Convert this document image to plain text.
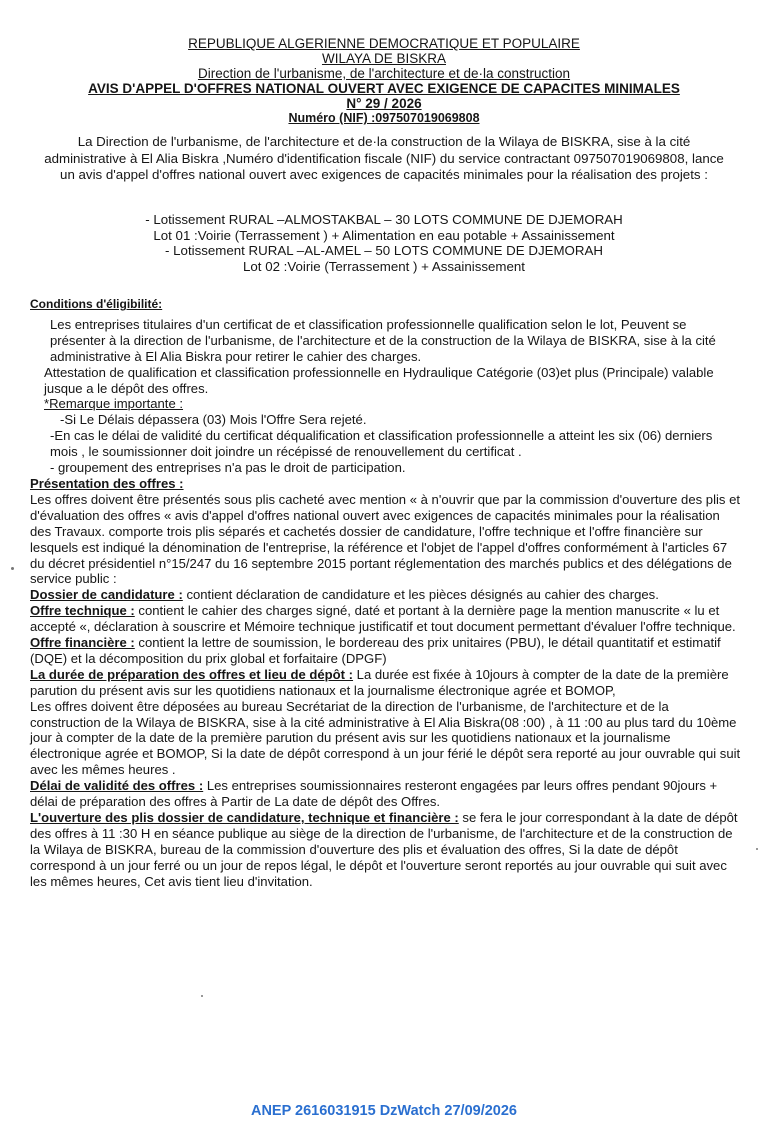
REPUBLIQUE ALGERIENNE DEMOCRATIQUE ET POPULAIRE
WILAYA DE BISKRA
Direction de l'urbanisme, de l'architecture et de·la construction
AVIS D'APPEL D'OFFRES NATIONAL OUVERT AVEC EXIGENCE DE CAPACITES MINIMALES
N° 29 / 2026
Numéro (NIF) :09750701906980​8

La Direction de l'urbanisme, de l'architecture et de·la construction de la Wilaya de BISKRA, sise à la cité administrative à El Alia Biskra ,Numéro d'identification fiscale (NIF) du service contractant 097507019069808, lance un avis d'appel d'offres national ouvert avec exigences de capacités minimales pour la réalisation des projets :

- Lotissement RURAL –ALMOSTAKBAL – 30 LOTS COMMUNE DE DJEMORAH
Lot 01 :Voirie (Terrassement ) + Alimentation en eau potable + Assainissement
- Lotissement RURAL –AL-AMEL – 50 LOTS COMMUNE DE DJEMORAH
Lot 02 :Voirie (Terrassement ) + Assainissement

Conditions d'éligibilité:

Les entreprises titulaires d'un certificat de et classification professionnelle qualification selon le lot, Peuvent se présenter à la direction de l'urbanisme, de l'architecture et de la construction de la Wilaya de BISKRA, sise à la cité administrative à El Alia Biskra pour retirer le cahier des charges.

Attestation de qualification et classification professionnelle en Hydraulique Catégorie (03)et plus (Principale) valable jusque a le dépôt des offres.

*Remarque importante :

-Si Le Délais dépassera (03) Mois l'Offre Sera rejeté.

-En cas le délai de validité du certificat déqualification et classification professionnelle a atteint les six (06) derniers mois , le soumissionner doit joindre un récépissé de renouvellement du certificat .

- groupement des entreprises n'a pas le droit de participation.

Présentation des offres :

Les offres doivent être présentés sous plis cacheté avec mention « à n'ouvrir que par la commission d'ouverture des plis et d'évaluation des offres « avis d'appel d'offres national ouvert avec exigences de capacités minimales pour la réalisation des Travaux. comporte trois plis séparés et cachetés dossier de candidature, l'offre technique et l'offre financière sur lesquels est indiqué la dénomination de l'entreprise, la référence et l'objet de l'appel d'offres conformément à l'articles 67 du décret présidentiel n°15/247 du 16 septembre 2015 portant réglementation des marchés publics et des délégations de service public :

Dossier de candidature : contient déclaration de candidature et les pièces désignés au cahier des charges.

Offre technique : contient le cahier des charges signé, daté et portant à la dernière page la mention manuscrite « lu et accepté «, déclaration à souscrire et Mémoire technique justificatif et tout document permettant d'évaluer l'offre technique.

Offre financière : contient la lettre de soumission, le bordereau des prix unitaires (PBU), le détail quantitatif et estimatif (DQE) et la décomposition du prix global et forfaitaire (DPGF)

La durée de préparation des offres et lieu de dépôt : La durée est fixée à 10jours à compter de la date de la première parution du présent avis sur les quotidiens nationaux et la journalisme électronique agrée et BOMOP,

Les offres doivent être déposées au bureau Secrétariat de la direction de l'urbanisme, de l'architecture et de la construction de la Wilaya de BISKRA, sise à la cité administrative à El Alia Biskra(08 :00) , à 11 :00 au plus tard du 10ème jour à compter de la date de la première parution du présent avis sur les quotidiens nationaux et la journalisme électronique agrée et BOMOP, Si la date de dépôt correspond à un jour férié le dépôt sera reporté au jour ouvrable qui suit avec les mêmes heures .

Délai de validité des offres : Les entreprises soumissionnaires resteront engagées par leurs offres pendant 90jours + délai de préparation des offres à Partir de La date de dépôt des Offres.

L'ouverture des plis dossier de candidature, technique et financière : se fera le jour correspondant à la date de dépôt des offres à 11 :30 H en séance publique au siège de la direction de l'urbanisme, de l'architecture et de la construction de la Wilaya de BISKRA, bureau de la commission d'ouverture des plis et évaluation des offres, Si la date de dépôt correspond à un jour ferré ou un jour de repos légal, le dépôt et l'ouverture seront reportés au jour ouvrable qui suit avec les mêmes heures, Cet avis tient lieu d'invitation.

ANEP 2616031915 DzWatch 27/09/2026
